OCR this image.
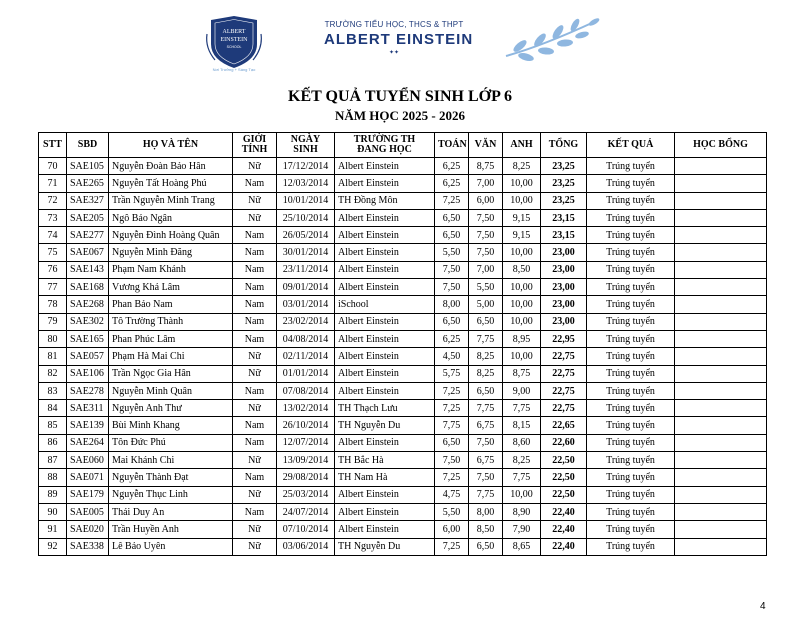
ALBERT
EINSTEIN
SCHOOL
Nơi Trưởng + Sáng Tạo
TRƯỜNG TIỂU HỌC, THCS & THPT
ALBERT EINSTEIN
✦✦
KẾT QUẢ TUYỂN SINH LỚP 6
NĂM HỌC 2025 - 2026
STT	SBD	HỌ VÀ TÊN	GIỚI TÍNH	NGÀY SINH	TRƯỜNG TH ĐANG HỌC	TOÁN	VĂN	ANH	TỔNG	KẾT QUẢ	HỌC BỔNG
70	SAE105	Nguyễn Đoàn Bảo Hân	Nữ	17/12/2014	Albert Einstein	6,25	8,75	8,25	23,25	Trúng tuyển	
71	SAE265	Nguyễn Tất Hoàng Phú	Nam	12/03/2014	Albert Einstein	6,25	7,00	10,00	23,25	Trúng tuyển	
72	SAE327	Trần Nguyễn Minh Trang	Nữ	10/01/2014	TH Đồng Môn	7,25	6,00	10,00	23,25	Trúng tuyển	
73	SAE205	Ngô Bảo Ngân	Nữ	25/10/2014	Albert Einstein	6,50	7,50	9,15	23,15	Trúng tuyển	
74	SAE277	Nguyễn Đình Hoàng Quân	Nam	26/05/2014	Albert Einstein	6,50	7,50	9,15	23,15	Trúng tuyển	
75	SAE067	Nguyễn Minh Đăng	Nam	30/01/2014	Albert Einstein	5,50	7,50	10,00	23,00	Trúng tuyển	
76	SAE143	Phạm Nam Khánh	Nam	23/11/2014	Albert Einstein	7,50	7,00	8,50	23,00	Trúng tuyển	
77	SAE168	Vương Khả Lâm	Nam	09/01/2014	Albert Einstein	7,50	5,50	10,00	23,00	Trúng tuyển	
78	SAE268	Phan Bảo Nam	Nam	03/01/2014	iSchool	8,00	5,00	10,00	23,00	Trúng tuyển	
79	SAE302	Tô Trường Thành	Nam	23/02/2014	Albert Einstein	6,50	6,50	10,00	23,00	Trúng tuyển	
80	SAE165	Phan Phúc Lâm	Nam	04/08/2014	Albert Einstein	6,25	7,75	8,95	22,95	Trúng tuyển	
81	SAE057	Phạm Hà Mai Chi	Nữ	02/11/2014	Albert Einstein	4,50	8,25	10,00	22,75	Trúng tuyển	
82	SAE106	Trần Ngọc Gia Hân	Nữ	01/01/2014	Albert Einstein	5,75	8,25	8,75	22,75	Trúng tuyển	
83	SAE278	Nguyễn Minh Quân	Nam	07/08/2014	Albert Einstein	7,25	6,50	9,00	22,75	Trúng tuyển	
84	SAE311	Nguyễn Anh Thư	Nữ	13/02/2014	TH Thạch Lưu	7,25	7,75	7,75	22,75	Trúng tuyển	
85	SAE139	Bùi Minh Khang	Nam	26/10/2014	TH Nguyễn Du	7,75	6,75	8,15	22,65	Trúng tuyển	
86	SAE264	Tôn Đức Phú	Nam	12/07/2014	Albert Einstein	6,50	7,50	8,60	22,60	Trúng tuyển	
87	SAE060	Mai Khánh Chi	Nữ	13/09/2014	TH Bắc Hà	7,50	6,75	8,25	22,50	Trúng tuyển	
88	SAE071	Nguyễn Thành Đạt	Nam	29/08/2014	TH Nam Hà	7,25	7,50	7,75	22,50	Trúng tuyển	
89	SAE179	Nguyễn Thục Linh	Nữ	25/03/2014	Albert Einstein	4,75	7,75	10,00	22,50	Trúng tuyển	
90	SAE005	Thái Duy An	Nam	24/07/2014	Albert Einstein	5,50	8,00	8,90	22,40	Trúng tuyển	
91	SAE020	Trần Huyền Anh	Nữ	07/10/2014	Albert Einstein	6,00	8,50	7,90	22,40	Trúng tuyển	
92	SAE338	Lê Bảo Uyên	Nữ	03/06/2014	TH Nguyễn Du	7,25	6,50	8,65	22,40	Trúng tuyển	
4
